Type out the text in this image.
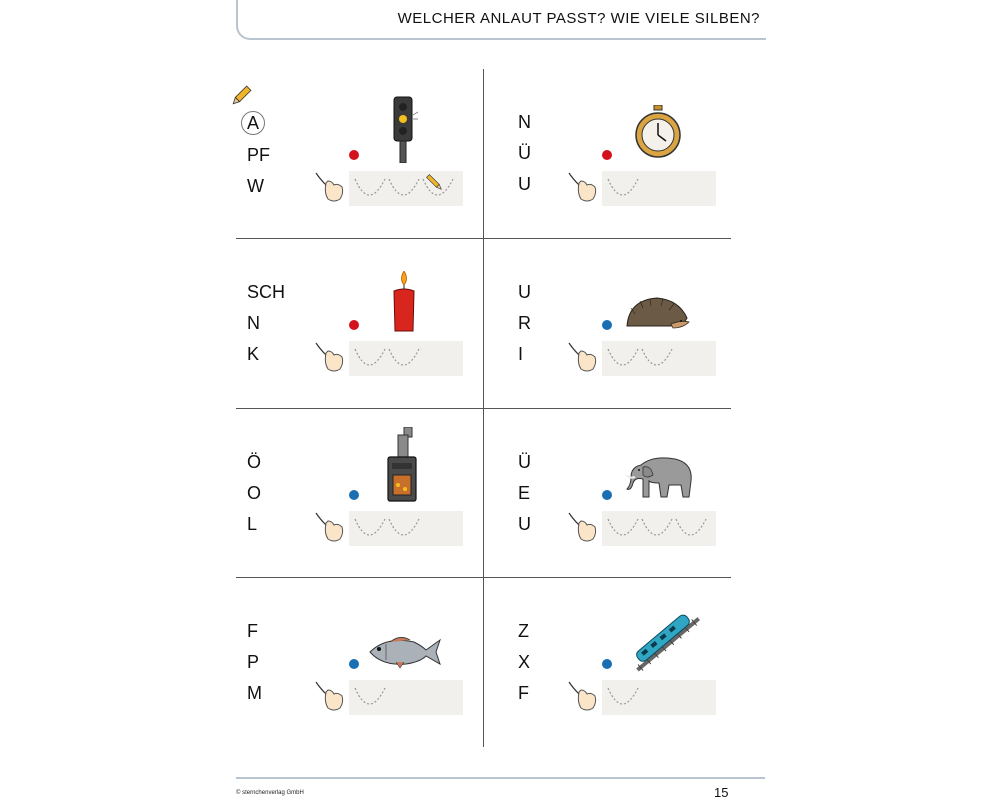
WELCHER ANLAUT PASST? WIE VIELE SILBEN?
A
PF
W
N
Ü
U
SCH
N
K
U
R
I
Ö
O
L
Ü
E
U
F
P
M
Z
X
F
© sternchenverlag GmbH	15
